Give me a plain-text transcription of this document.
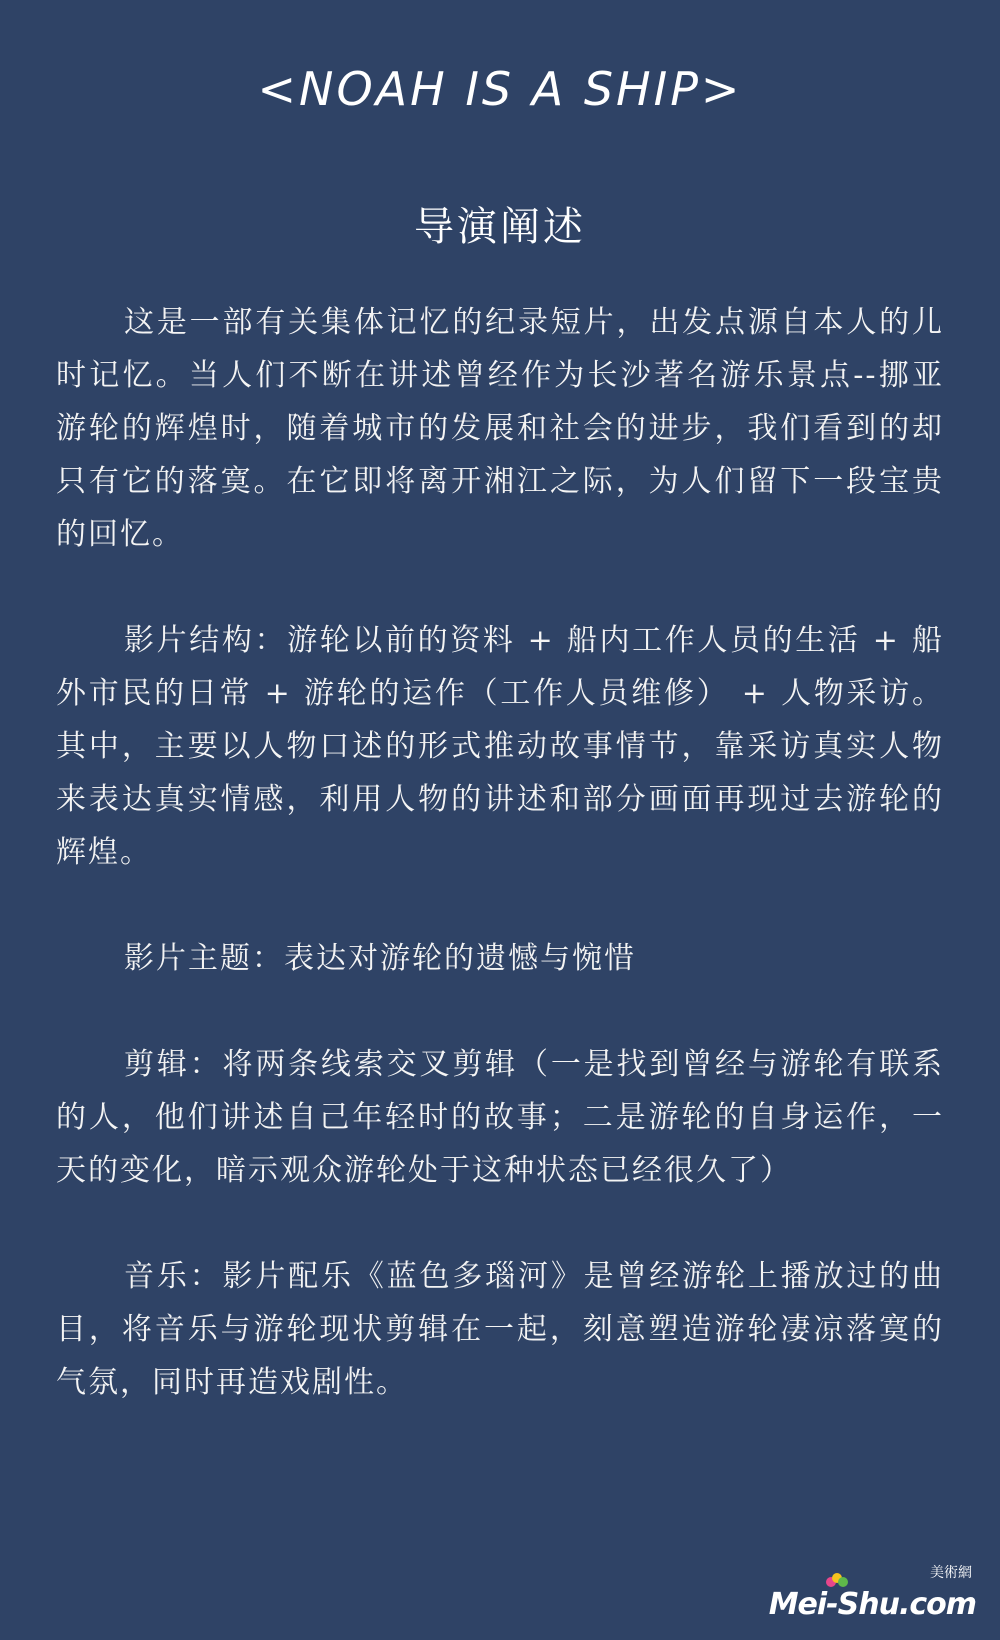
<NOAH IS A SHIP>
导演阐述

这是一部有关集体记忆的纪录短片，出发点源自本人的儿时记忆。当人们不断在讲述曾经作为长沙著名游乐景点--挪亚游轮的辉煌时，随着城市的发展和社会的进步，我们看到的却只有它的落寞。在它即将离开湘江之际，为人们留下一段宝贵的回忆。

影片结构：游轮以前的资料 + 船内工作人员的生活 + 船外市民的日常 + 游轮的运作（工作人员维修） + 人物采访。其中，主要以人物口述的形式推动故事情节，靠采访真实人物来表达真实情感，利用人物的讲述和部分画面再现过去游轮的辉煌。

影片主题：表达对游轮的遗憾与惋惜

剪辑：将两条线索交叉剪辑（一是找到曾经与游轮有联系的人，他们讲述自己年轻时的故事；二是游轮的自身运作，一天的变化，暗示观众游轮处于这种状态已经很久了）

音乐：影片配乐《蓝色多瑙河》是曾经游轮上播放过的曲目，将音乐与游轮现状剪辑在一起，刻意塑造游轮凄凉落寞的气氛，同时再造戏剧性。

美術網
Mei-Shu.com
